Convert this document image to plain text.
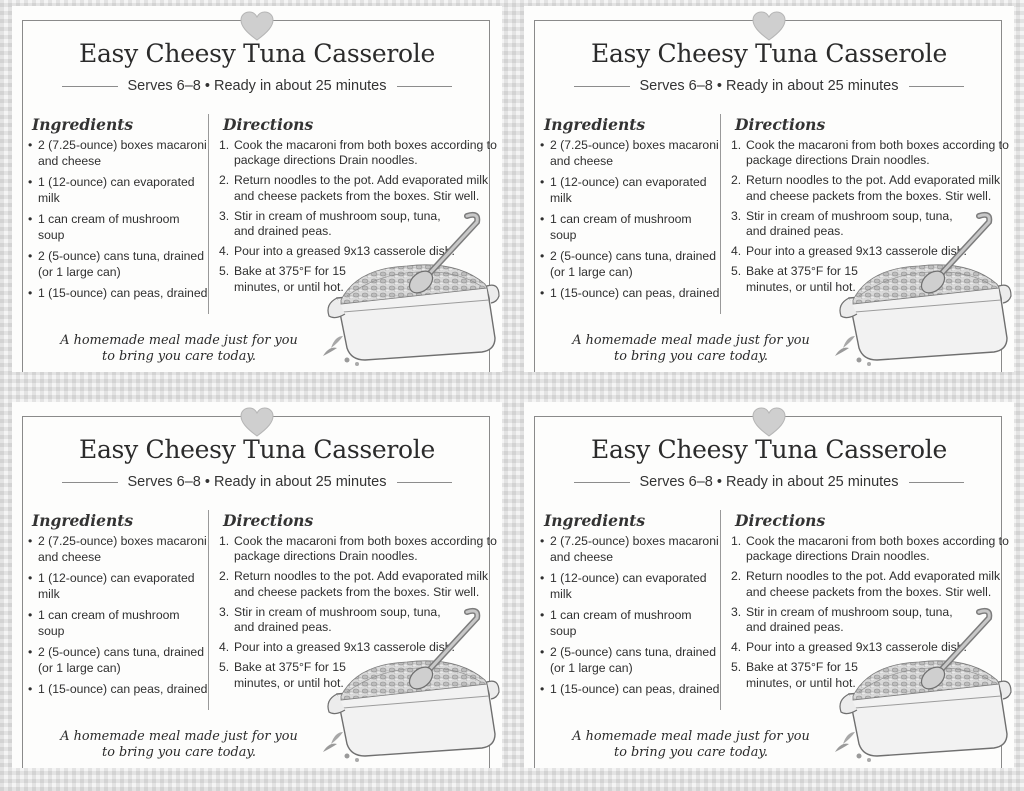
Easy Cheesy Tuna Casserole
Serves 6–8 • Ready in about 25 minutes
Ingredients	Directions
• 2 (7.25-ounce) boxes macaroni and cheese
• 1 (12-ounce) can evaporated milk
• 1 can cream of mushroom soup
• 2 (5-ounce) cans tuna, drained (or 1 large can)
• 1 (15-ounce) can peas, drained
1. Cook the macaroni from both boxes according to package directions Drain noodles.
2. Return noodles to the pot. Add evaporated milk and cheese packets from the boxes. Stir well.
3. Stir in cream of mushroom soup, tuna, and drained peas.
4. Pour into a greased 9x13 casserole dish.
5. Bake at 375°F for 15 minutes, or until hot.
A homemade meal made just for you
to bring you care today.
Easy Cheesy Tuna Casserole
Serves 6–8 • Ready in about 25 minutes
Ingredients	Directions
• 2 (7.25-ounce) boxes macaroni and cheese
• 1 (12-ounce) can evaporated milk
• 1 can cream of mushroom soup
• 2 (5-ounce) cans tuna, drained (or 1 large can)
• 1 (15-ounce) can peas, drained
1. Cook the macaroni from both boxes according to package directions Drain noodles.
2. Return noodles to the pot. Add evaporated milk and cheese packets from the boxes. Stir well.
3. Stir in cream of mushroom soup, tuna, and drained peas.
4. Pour into a greased 9x13 casserole dish.
5. Bake at 375°F for 15 minutes, or until hot.
A homemade meal made just for you
to bring you care today.
Easy Cheesy Tuna Casserole
Serves 6–8 • Ready in about 25 minutes
Ingredients	Directions
• 2 (7.25-ounce) boxes macaroni and cheese
• 1 (12-ounce) can evaporated milk
• 1 can cream of mushroom soup
• 2 (5-ounce) cans tuna, drained (or 1 large can)
• 1 (15-ounce) can peas, drained
1. Cook the macaroni from both boxes according to package directions Drain noodles.
2. Return noodles to the pot. Add evaporated milk and cheese packets from the boxes. Stir well.
3. Stir in cream of mushroom soup, tuna, and drained peas.
4. Pour into a greased 9x13 casserole dish.
5. Bake at 375°F for 15 minutes, or until hot.
A homemade meal made just for you
to bring you care today.
Easy Cheesy Tuna Casserole
Serves 6–8 • Ready in about 25 minutes
Ingredients	Directions
• 2 (7.25-ounce) boxes macaroni and cheese
• 1 (12-ounce) can evaporated milk
• 1 can cream of mushroom soup
• 2 (5-ounce) cans tuna, drained (or 1 large can)
• 1 (15-ounce) can peas, drained
1. Cook the macaroni from both boxes according to package directions Drain noodles.
2. Return noodles to the pot. Add evaporated milk and cheese packets from the boxes. Stir well.
3. Stir in cream of mushroom soup, tuna, and drained peas.
4. Pour into a greased 9x13 casserole dish.
5. Bake at 375°F for 15 minutes, or until hot.
A homemade meal made just for you
to bring you care today.
